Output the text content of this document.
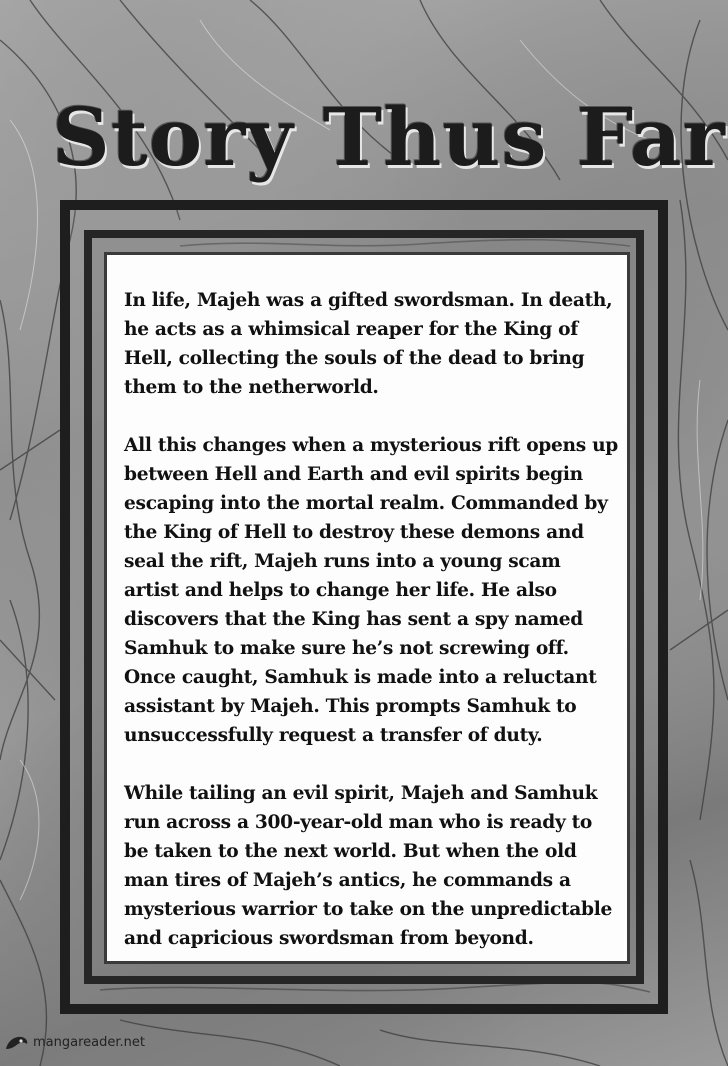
Story Thus Far

In life, Majeh was a gifted swordsman. In death, he acts as a whimsical reaper for the King of Hell, collecting the souls of the dead to bring them to the netherworld.

All this changes when a mysterious rift opens up between Hell and Earth and evil spirits begin escaping into the mortal realm. Commanded by the King of Hell to destroy these demons and seal the rift, Majeh runs into a young scam artist and helps to change her life. He also discovers that the King has sent a spy named Samhuk to make sure he’s not screwing off. Once caught, Samhuk is made into a reluctant assistant by Majeh. This prompts Samhuk to unsuccessfully request a transfer of duty.

While tailing an evil spirit, Majeh and Samhuk run across a 300-year-old man who is ready to be taken to the next world. But when the old man tires of Majeh’s antics, he commands a mysterious warrior to take on the unpredictable and capricious swordsman from beyond.

mangareader.net
